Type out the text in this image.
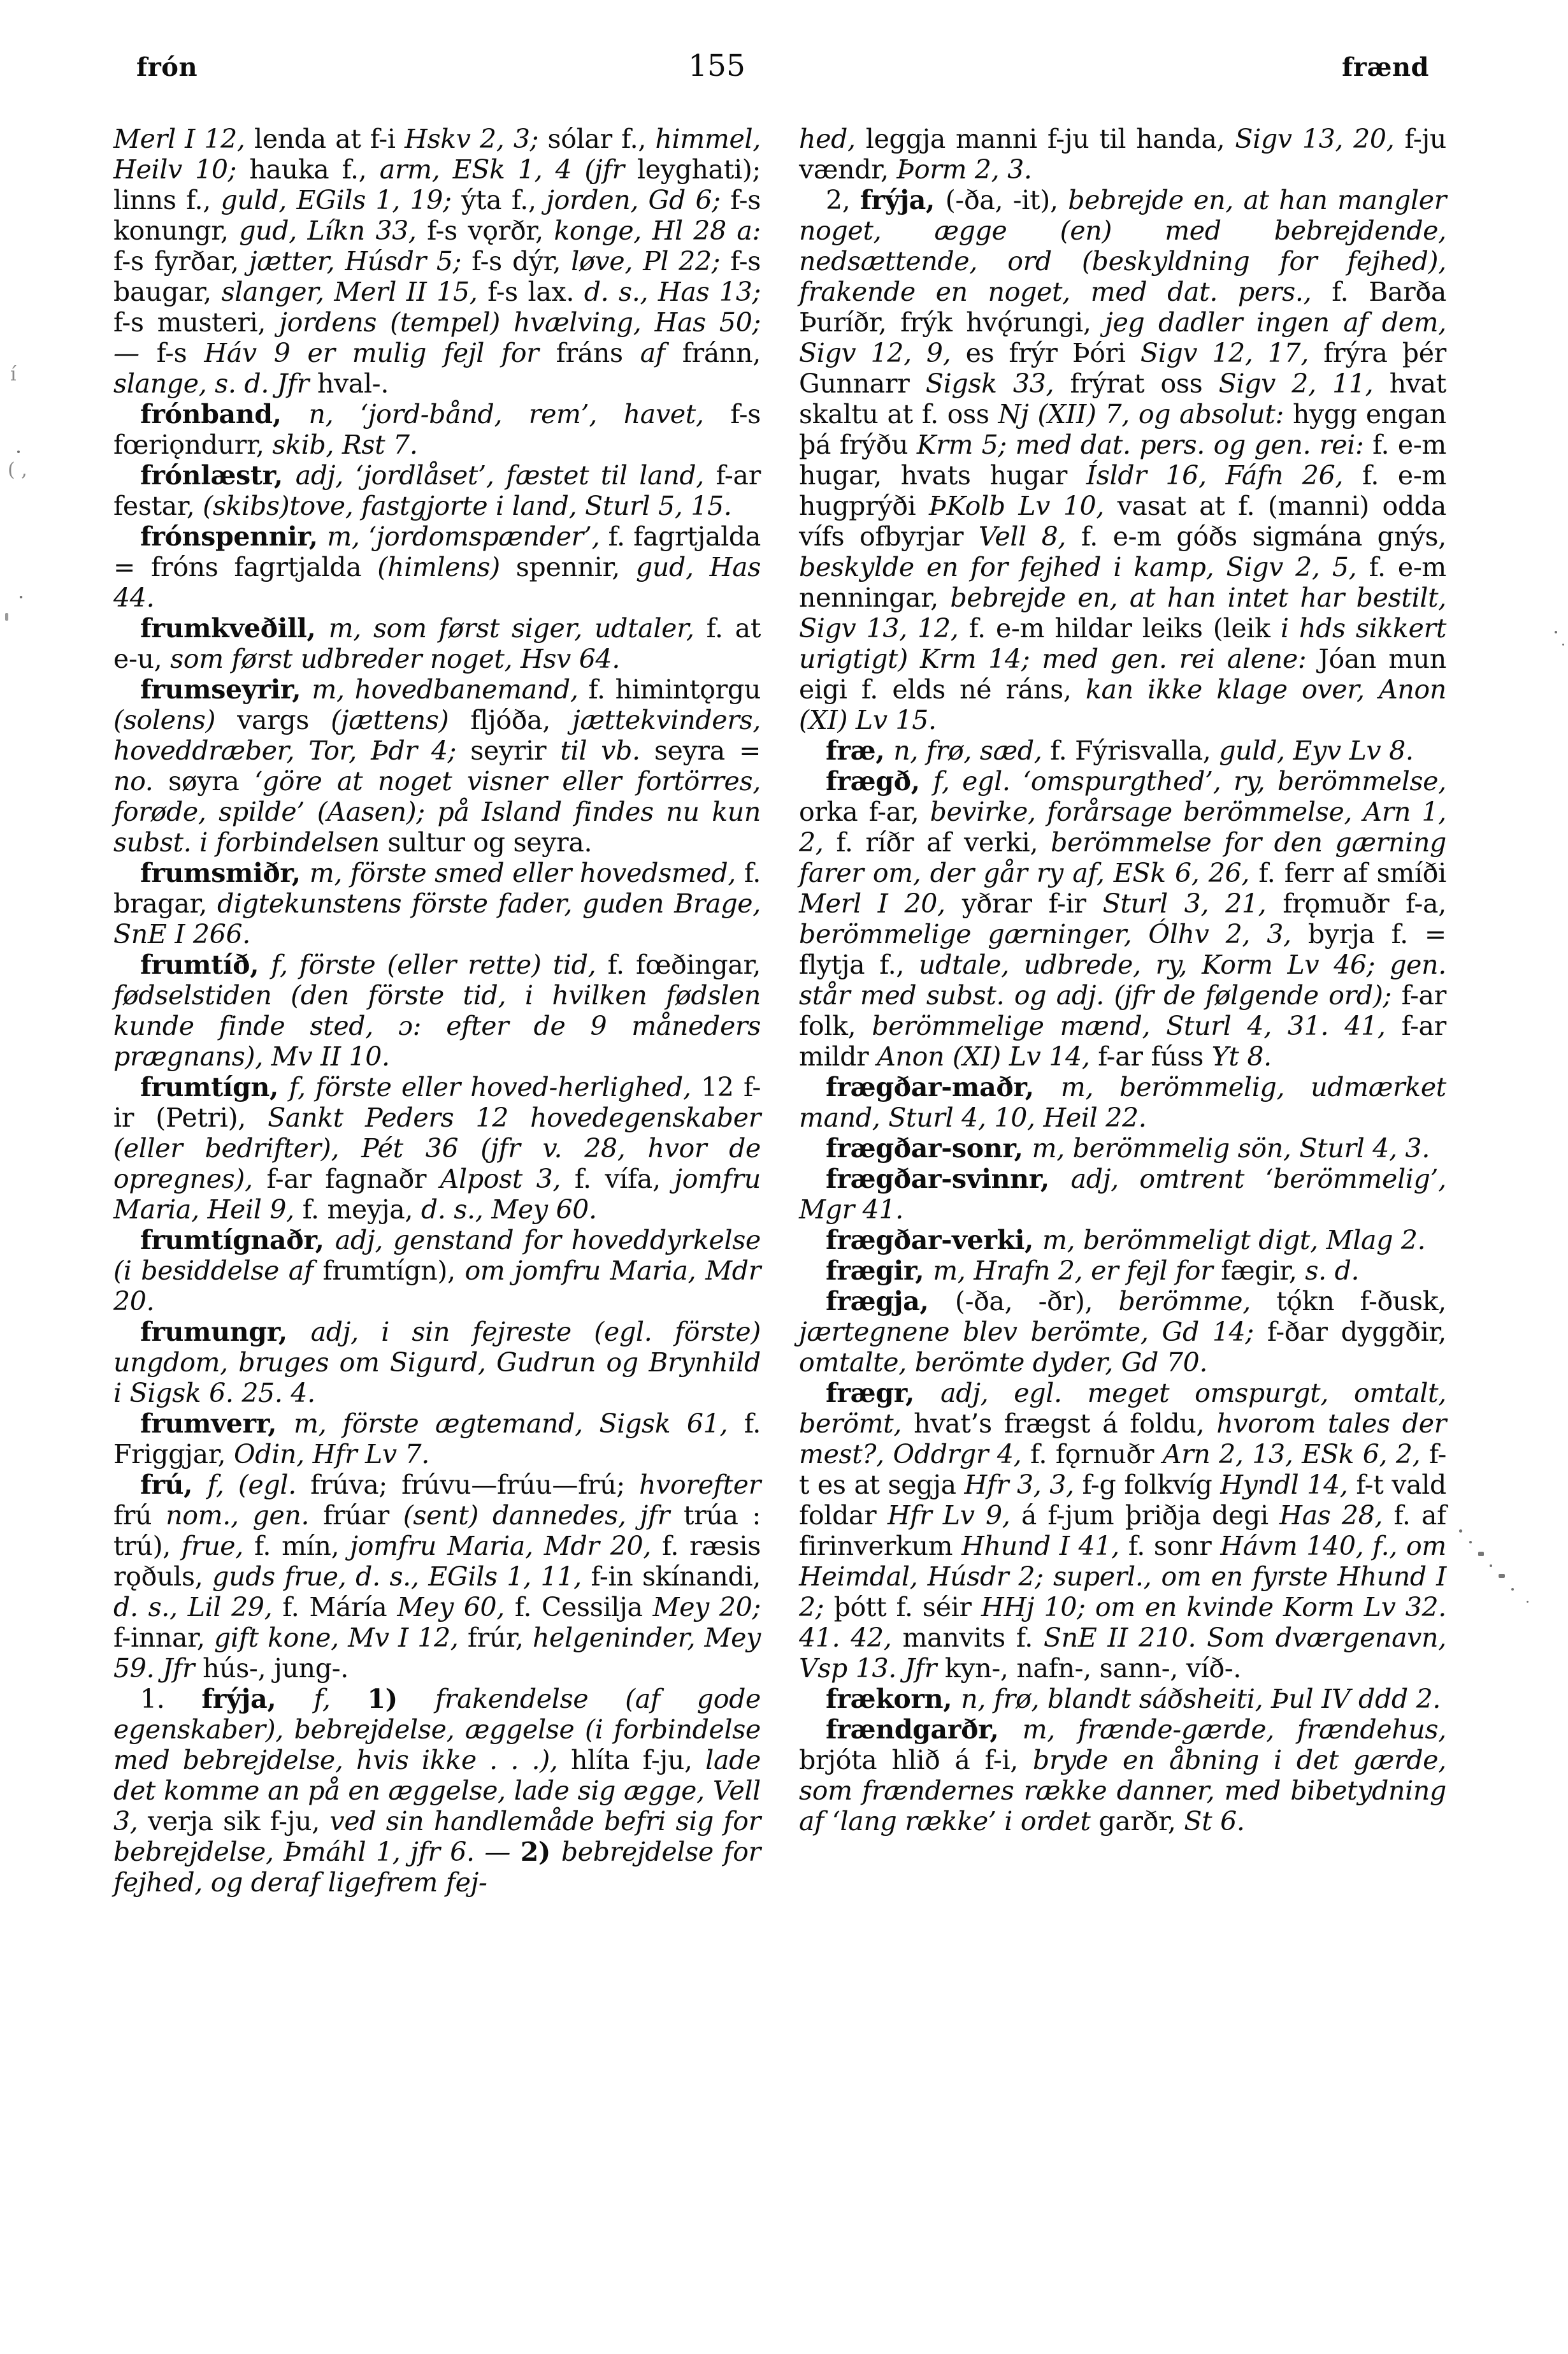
frón	155	frænd

Merl I 12, lenda at f-i Hskv 2, 3; sólar f., himmel, Heilv 10; hauka f., arm, ESk 1, 4 (jfr leyghati); linns f., guld, EGils 1, 19; ýta f., jorden, Gd 6; f-s konungr, gud, Líkn 33, f-s vǫrðr, konge, Hl 28 a: f-s fyrðar, jætter, Húsdr 5; f-s dýr, løve, Pl 22; f-s baugar, slanger, Merl II 15, f-s lax. d. s., Has 13; f-s musteri, jordens (tempel) hvælving, Has 50; — f-s Háv 9 er mulig fejl for fráns af fránn, slange, s. d. Jfr hval-.

frónband, n, ‘jord-bånd, rem’, havet, f-s fœriǫndurr, skib, Rst 7.

frónlæstr, adj, ‘jordlåset’, fæstet til land, f-ar festar, (skibs)tove, fastgjorte i land, Sturl 5, 15.

frónspennir, m, ‘jordomspænder’, f. fagrtjalda = fróns fagrtjalda (himlens) spennir, gud, Has 44.

frumkveðill, m, som først siger, udtaler, f. at e-u, som først udbreder noget, Hsv 64.

frumseyrir, m, hovedbanemand, f. himintǫrgu (solens) vargs (jættens) fljóða, jættekvinders, hoveddræber, Tor, Þdr 4; seyrir til vb. seyra = no. søyra ‘göre at noget visner eller fortörres, forøde, spilde’ (Aasen); på Island findes nu kun subst. i forbindelsen sultur og seyra.

frumsmiðr, m, förste smed eller hovedsmed, f. bragar, digtekunstens förste fader, guden Brage, SnE I 266.

frumtíð, f, förste (eller rette) tid, f. fœðingar, fødselstiden (den förste tid, i hvilken fødslen kunde finde sted, ɔ: efter de 9 måneders prægnans), Mv II 10.

frumtígn, f, förste eller hoved-herlighed, 12 f-ir (Petri), Sankt Peders 12 hovedegenskaber (eller bedrifter), Pét 36 (jfr v. 28, hvor de opregnes), f-ar fagnaðr Alpost 3, f. vífa, jomfru Maria, Heil 9, f. meyja, d. s., Mey 60.

frumtígnaðr, adj, genstand for hoveddyrkelse (i besiddelse af frumtígn), om jomfru Maria, Mdr 20.

frumungr, adj, i sin fejreste (egl. förste) ungdom, bruges om Sigurd, Gudrun og Brynhild i Sigsk 6. 25. 4.

frumverr, m, förste ægtemand, Sigsk 61, f. Friggjar, Odin, Hfr Lv 7.

frú, f, (egl. frúva; frúvu—frúu—frú; hvorefter frú nom., gen. frúar (sent) dannedes, jfr trúa : trú), frue, f. mín, jomfru Maria, Mdr 20, f. ræsis rǫðuls, guds frue, d. s., EGils 1, 11, f-in skínandi, d. s., Lil 29, f. Máría Mey 60, f. Cessilja Mey 20; f-innar, gift kone, Mv I 12, frúr, helgeninder, Mey 59. Jfr hús-, jung-.

1. frýja, f, 1) frakendelse (af gode egenskaber), bebrejdelse, æggelse (i forbindelse med bebrejdelse, hvis ikke . . .), hlíta f-ju, lade det komme an på en æggelse, lade sig ægge, Vell 3, verja sik f-ju, ved sin handlemåde befri sig for bebrejdelse, Þmáhl 1, jfr 6. — 2) bebrejdelse for fejhed, og deraf ligefrem fej-

hed, leggja manni f-ju til handa, Sigv 13, 20, f-ju vændr, Þorm 2, 3.

2, frýja, (-ða, -it), bebrejde en, at han mangler noget, ægge (en) med bebrejdende, nedsættende, ord (beskyldning for fejhed), frakende en noget, med dat. pers., f. Barða Þuríðr, frýk hvǫ́rungi, jeg dadler ingen af dem, Sigv 12, 9, es frýr Þóri Sigv 12, 17, frýra þér Gunnarr Sigsk 33, frýrat oss Sigv 2, 11, hvat skaltu at f. oss Nj (XII) 7, og absolut: hygg engan þá frýðu Krm 5; med dat. pers. og gen. rei: f. e-m hugar, hvats hugar Ísldr 16, Fáfn 26, f. e-m hugprýði ÞKolb Lv 10, vasat at f. (manni) odda vífs ofbyrjar Vell 8, f. e-m góðs sigmána gnýs, beskylde en for fejhed i kamp, Sigv 2, 5, f. e-m nenningar, bebrejde en, at han intet har bestilt, Sigv 13, 12, f. e-m hildar leiks (leik i hds sikkert urigtigt) Krm 14; med gen. rei alene: Jóan mun eigi f. elds né ráns, kan ikke klage over, Anon (XI) Lv 15.

fræ, n, frø, sæd, f. Fýrisvalla, guld, Eyv Lv 8.

frægð, f, egl. ‘omspurgthed’, ry, berömmelse, orka f-ar, bevirke, forårsage berömmelse, Arn 1, 2, f. ríðr af verki, berömmelse for den gærning farer om, der går ry af, ESk 6, 26, f. ferr af smíði Merl I 20, yðrar f-ir Sturl 3, 21, frǫmuðr f-a, berömmelige gærninger, Ólhv 2, 3, byrja f. = flytja f., udtale, udbrede, ry, Korm Lv 46; gen. står med subst. og adj. (jfr de følgende ord); f-ar folk, berömmelige mænd, Sturl 4, 31. 41, f-ar mildr Anon (XI) Lv 14, f-ar fúss Yt 8.

frægðar-maðr, m, berömmelig, udmærket mand, Sturl 4, 10, Heil 22.

frægðar-sonr, m, berömmelig sön, Sturl 4, 3.

frægðar-svinnr, adj, omtrent ‘berömmelig’, Mgr 41.

frægðar-verki, m, berömmeligt digt, Mlag 2.

frægir, m, Hrafn 2, er fejl for fægir, s. d.

frægja, (-ða, -ðr), berömme, tǫ́kn f-ðusk, jærtegnene blev berömte, Gd 14; f-ðar dyggðir, omtalte, berömte dyder, Gd 70.

frægr, adj, egl. meget omspurgt, omtalt, berömt, hvat’s frægst á foldu, hvorom tales der mest?, Oddrgr 4, f. fǫrnuðr Arn 2, 13, ESk 6, 2, f-t es at segja Hfr 3, 3, f-g folkvíg Hyndl 14, f-t vald foldar Hfr Lv 9, á f-jum þriðja degi Has 28, f. af firinverkum Hhund I 41, f. sonr Hávm 140, f., om Heimdal, Húsdr 2; superl., om en fyrste Hhund I 2; þótt f. séir HHj 10; om en kvinde Korm Lv 32. 41. 42, manvits f. SnE II 210. Som dværgenavn, Vsp 13. Jfr kyn-, nafn-, sann-, víð-.

frækorn, n, frø, blandt sáðsheiti, Þul IV ddd 2.

frændgarðr, m, frænde-gærde, frændehus, brjóta hlið á f-i, bryde en åbning i det gærde, som frændernes række danner, med bibetydning af ‘lang række’ i ordet garðr, St 6.

í
( ,
